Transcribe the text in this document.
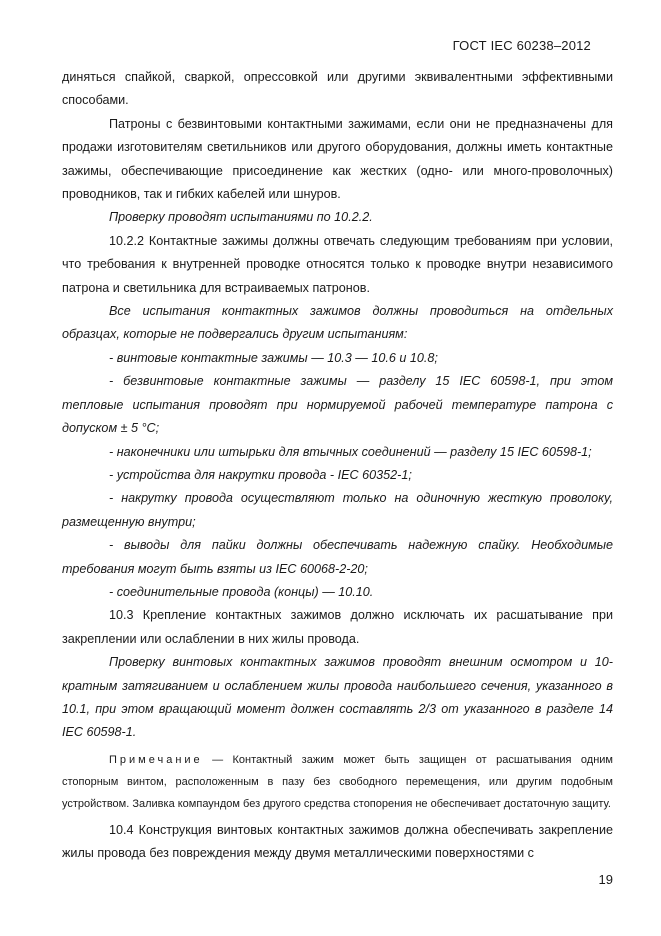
ГОСТ IEC 60238–2012

диняться спайкой, сваркой, опрессовкой или другими эквивалентными эффективными способами.

Патроны с безвинтовыми контактными зажимами, если они не предназначены для продажи изготовителям светильников или другого оборудования, должны иметь контактные зажимы, обеспечивающие присоединение как жестких (одно- или много-проволочных) проводников, так и гибких кабелей или шнуров.

Проверку проводят испытаниями по 10.2.2.

10.2.2 Контактные зажимы должны отвечать следующим требованиям при условии, что требования к внутренней проводке относятся только к проводке внутри независимого патрона и светильника для встраиваемых патронов.

Все испытания контактных зажимов должны проводиться на отдельных образцах, которые не подвергались другим испытаниям:

- винтовые контактные зажимы — 10.3 — 10.6 и 10.8;

- безвинтовые контактные зажимы — разделу 15 IEC 60598-1, при этом тепловые испытания проводят при нормируемой рабочей температуре патрона с допуском ± 5 °С;

- наконечники или штырьки для втычных соединений — разделу 15 IEC 60598-1;

- устройства для накрутки провода - IEC 60352-1;

- накрутку провода осуществляют только на одиночную жесткую проволоку, размещенную внутри;

- выводы для пайки должны обеспечивать надежную спайку. Необходимые требования могут быть взяты из IEC 60068-2-20;

- соединительные провода (концы) — 10.10.

10.3 Крепление контактных зажимов должно исключать их расшатывание при закреплении или ослаблении в них жилы провода.

Проверку винтовых контактных зажимов проводят внешним осмотром и 10-кратным затягиванием и ослаблением жилы провода наибольшего сечения, указанного в 10.1, при этом вращающий момент должен составлять 2/3 от указанного в разделе 14 IEC 60598-1.

Примечание — Контактный зажим может быть защищен от расшатывания одним стопорным винтом, расположенным в пазу без свободного перемещения, или другим подобным устройством. Заливка компаундом без другого средства стопорения не обеспечивает достаточную защиту.

10.4 Конструкция винтовых контактных зажимов должна обеспечивать закрепление жилы провода без повреждения между двумя металлическими поверхностями с

19
